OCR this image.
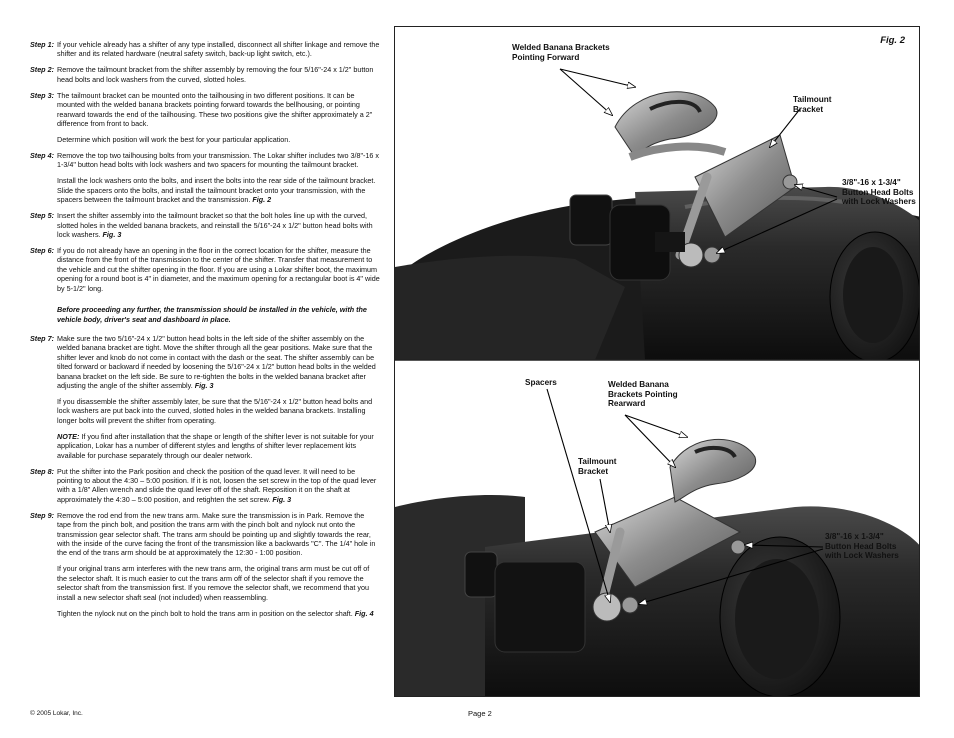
Step 1: If your vehicle already has a shifter of any type installed, disconnect all shifter linkage and remove the shifter and its related hardware (neutral safety switch, back-up light switch, etc.).

Step 2: Remove the tailmount bracket from the shifter assembly by removing the four 5/16"-24 x 1/2" button head bolts and lock washers from the curved, slotted holes.

Step 3: The tailmount bracket can be mounted onto the tailhousing in two different positions. It can be mounted with the welded banana brackets pointing forward towards the bellhousing, or pointing rearward towards the end of the tailhousing. These two positions give the shifter approximately a 2" difference from front to back.

Determine which position will work the best for your particular application.

Step 4: Remove the top two tailhousing bolts from your transmission. The Lokar shifter includes two 3/8"-16 x 1-3/4" button head bolts with lock washers and two spacers for mounting the tailmount bracket.

Install the lock washers onto the bolts, and insert the bolts into the rear side of the tailmount bracket. Slide the spacers onto the bolts, and install the tailmount bracket onto your transmission, with the spacers between the tailmount bracket and the transmission. Fig. 2

Step 5: Insert the shifter assembly into the tailmount bracket so that the bolt holes line up with the curved, slotted holes in the welded banana brackets, and reinstall the 5/16"-24 x 1/2" button head bolts with lock washers. Fig. 3

Step 6: If you do not already have an opening in the floor in the correct location for the shifter, measure the distance from the front of the transmission to the center of the shifter. Transfer that measurement to the vehicle and cut the shifter opening in the floor. If you are using a Lokar shifter boot, the maximum opening for a round boot is 4" in diameter, and the maximum opening for a rectangular boot is 4" wide by 5-1/2" long.

Before proceeding any further, the transmission should be installed in the vehicle, with the vehicle body, driver's seat and dashboard in place.
Step 7: Make sure the two 5/16"-24 x 1/2" button head bolts in the left side of the shifter assembly on the welded banana bracket are tight. Move the shifter through all the gear positions. Make sure that the shifter lever and knob do not come in contact with the dash or the seat. The shifter assembly can be tilted forward or backward if needed by loosening the 5/16"-24 x 1/2" button head bolts in the welded banana bracket on the left side. Be sure to re-tighten the bolts in the welded banana bracket after adjusting the angle of the shifter assembly. Fig. 3

If you disassemble the shifter assembly later, be sure that the 5/16"-24 x 1/2" button head bolts and lock washers are put back into the curved, slotted holes in the welded banana brackets. Installing longer bolts will prevent the shifter from operating.

NOTE: If you find after installation that the shape or length of the shifter lever is not suitable for your application, Lokar has a number of different styles and lengths of shifter lever replacement kits available for purchase separately through our dealer network.

Step 8: Put the shifter into the Park position and check the position of the quad lever. It will need to be pointing to about the 4:30 – 5:00 position. If it is not, loosen the set screw in the top of the quad lever with a 1/8" Allen wrench and slide the quad lever off of the shaft. Reposition it on the shaft at approximately the 4:30 – 5:00 position, and retighten the set screw. Fig. 3

Step 9: Remove the rod end from the new trans arm. Make sure the transmission is in Park. Remove the tape from the pinch bolt, and position the trans arm with the pinch bolt and nylock nut onto the transmission gear selector shaft. The trans arm should be pointing up and slightly towards the rear, with the inside of the curve facing the front of the transmission like a backwards "C". The 1/4" hole in the end of the trans arm should be at approximately the 12:30 - 1:00 position.

If your original trans arm interferes with the new trans arm, the original trans arm must be cut off of the selector shaft. It is much easier to cut the trans arm off of the selector shaft if you remove the selector shaft from the transmission first. If you remove the selector shaft, we recommend that you install a new selector shaft seal (not included) when reassembling.

Tighten the nylock nut on the pinch bolt to hold the trans arm in position on the selector shaft. Fig. 4

© 2005 Lokar, Inc.	Page 2
Fig. 2
Welded Banana Brackets
Pointing Forward
Tailmount
Bracket
3/8"-16 x 1-3/4"
Button Head Bolts
with Lock Washers
Spacers	Welded Banana
Brackets Pointing
Rearward
Tailmount
Bracket
3/8"-16 x 1-3/4"
Button Head Bolts
with Lock Washers
